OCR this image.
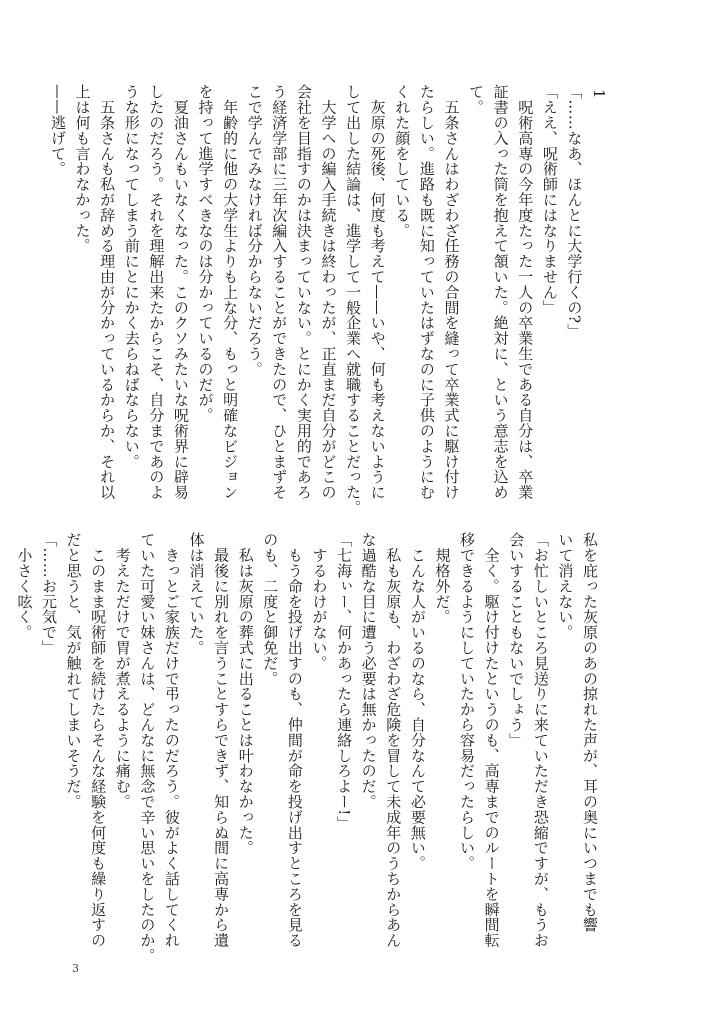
1
「……なあ、ほんとに大学行くの?」
「ええ、呪術師にはなりません」
　呪術高専の今年度たった一人の卒業生である自分は、卒業
証書の入った筒を抱えて頷いた。絶対に、という意志を込め
て。
　五条さんはわざわざ任務の合間を縫って卒業式に駆け付け
たらしい。進路も既に知っていたはずなのに子供のようにむ
くれた顔をしている。
　灰原の死後、何度も考えて——いや、何も考えないように
して出した結論は、進学して一般企業へ就職することだった。
　大学への編入手続きは終わったが、正直まだ自分がどこの
会社を目指すのかは決まっていない。とにかく実用的であろ
う経済学部に三年次編入することができたので、ひとまずそ
こで学んでみなければ分からないだろう。
　年齢的に他の大学生よりも上な分、もっと明確なビジョン
を持って進学すべきなのは分かっているのだが。
　夏油さんもいなくなった。このクソみたいな呪術界に辟易
したのだろう。それを理解出来たからこそ、自分まであのよ
うな形になってしまう前にとにかく去らねばならない。
　五条さんも私が辞める理由が分かっているからか、それ以
上は何も言わなかった。
——逃げて。
私を庇った灰原のあの掠れた声が、耳の奥にいつまでも響
いて消えない。
「お忙しいところ見送りに来ていただき恐縮ですが、もうお
会いすることもないでしょう」
　全く。駆け付けたというのも、高専までのルートを瞬間転
移できるようにしていたから容易だったらしい。
　規格外だ。
　こんな人がいるのなら、自分なんて必要無い。
　私も灰原も、わざわざ危険を冒して未成年のうちからあん
な過酷な目に遭う必要は無かったのだ。
「七海ぃー、何かあったら連絡しろよー!」
　するわけがない。
　もう命を投げ出すのも、仲間が命を投げ出すところを見る
のも、二度と御免だ。
　私は灰原の葬式に出ることは叶わなかった。
　最後に別れを言うことすらできず、知らぬ間に高専から遺
体は消えていた。
　きっとご家族だけで弔ったのだろう。彼がよく話してくれ
ていた可愛い妹さんは、どんなに無念で辛い思いをしたのか。
　考えただけで胃が煮えるように痛む。
　このまま呪術師を続けたらそんな経験を何度も繰り返すの
だと思うと、気が触れてしまいそうだ。
「……お元気で」
　小さく呟く。
3
